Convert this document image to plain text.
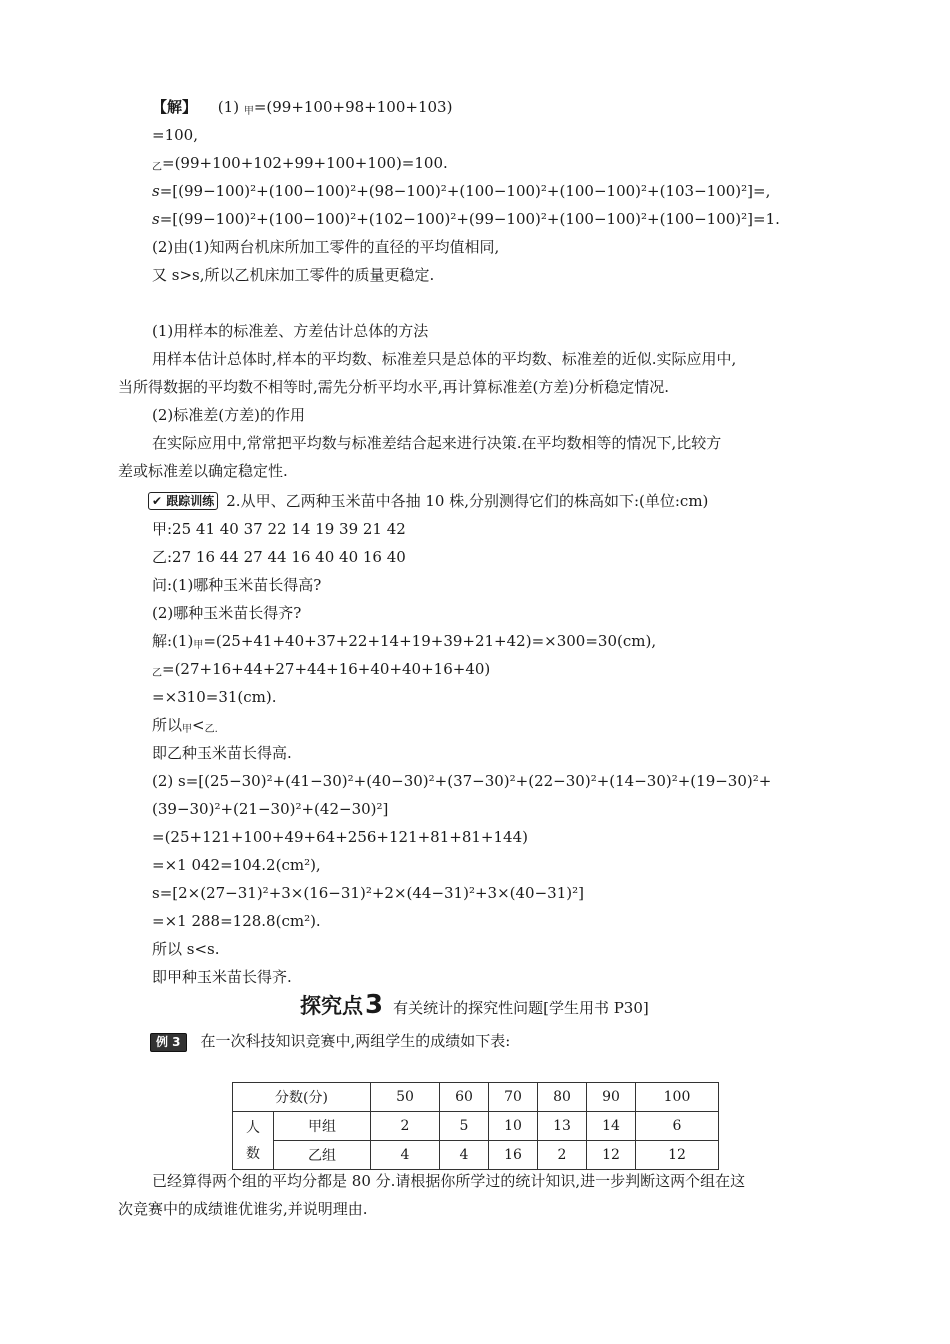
【解】 (1) 甲=(99+100+98+100+103)
=100,
乙=(99+100+102+99+100+100)=100.
s=[(99−100)²+(100−100)²+(98−100)²+(100−100)²+(100−100)²+(103−100)²]=,
s=[(99−100)²+(100−100)²+(102−100)²+(99−100)²+(100−100)²+(100−100)²]=1.
(2)由(1)知两台机床所加工零件的直径的平均值相同,
又 s>s,所以乙机床加工零件的质量更稳定.
(1)用样本的标准差、方差估计总体的方法
用样本估计总体时,样本的平均数、标准差只是总体的平均数、标准差的近似.实际应用中,
当所得数据的平均数不相等时,需先分析平均水平,再计算标准差(方差)分析稳定情况.
(2)标准差(方差)的作用
在实际应用中,常常把平均数与标准差结合起来进行决策.在平均数相等的情况下,比较方
差或标准差以确定稳定性.
✔ 跟踪训练 2.从甲、乙两种玉米苗中各抽 10 株,分别测得它们的株高如下:(单位:cm)
甲:25 41 40 37 22 14 19 39 21 42
乙:27 16 44 27 44 16 40 40 16 40
问:(1)哪种玉米苗长得高?
(2)哪种玉米苗长得齐?
解:(1)甲=(25+41+40+37+22+14+19+39+21+42)=×300=30(cm),
乙=(27+16+44+27+44+16+40+40+16+40)
=×310=31(cm).
所以甲<乙.
即乙种玉米苗长得高.
(2) s=[(25−30)²+(41−30)²+(40−30)²+(37−30)²+(22−30)²+(14−30)²+(19−30)²+
(39−30)²+(21−30)²+(42−30)²]
=(25+121+100+49+64+256+121+81+81+144)
=×1 042=104.2(cm²),
s=[2×(27−31)²+3×(16−31)²+2×(44−31)²+3×(40−31)²]
=×1 288=128.8(cm²).
所以 s<s.
即甲种玉米苗长得齐.
探究点3 有关统计的探究性问题[学生用书 P30]
例 3 在一次科技知识竞赛中,两组学生的成绩如下表:
分数(分)		50	60	70	80	90	100
人
数	甲组	2	5	10	13	14	6
	乙组	4	4	16	2	12	12
已经算得两个组的平均分都是 80 分.请根据你所学过的统计知识,进一步判断这两个组在这
次竞赛中的成绩谁优谁劣,并说明理由.
